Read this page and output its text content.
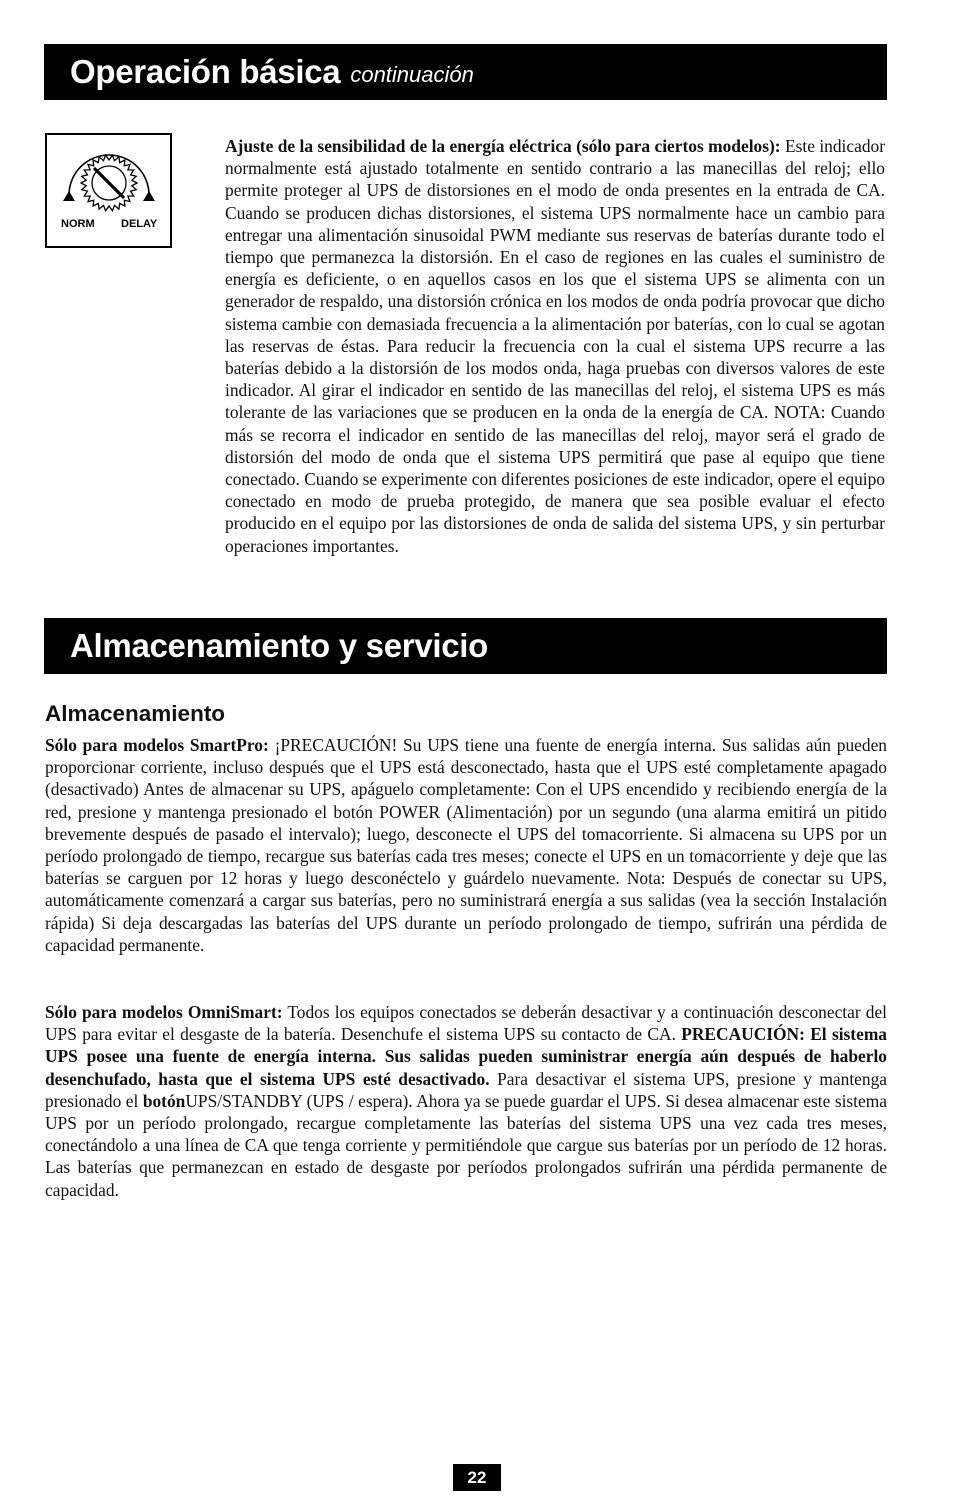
Operación básica continuación
NORM DELAY

Ajuste de la sensibilidad de la energía eléctrica (sólo para ciertos modelos): Este indicador normalmente está ajustado totalmente en sentido contrario a las manecillas del reloj; ello permite proteger al UPS de distorsiones en el modo de onda presentes en la entrada de CA. Cuando se producen dichas distorsiones, el sistema UPS normalmente hace un cambio para entregar una alimentación sinusoidal PWM mediante sus reservas de baterías durante todo el tiempo que permanezca la distorsión. En el caso de regiones en las cuales el suministro de energía es deficiente, o en aquellos casos en los que el sistema UPS se alimenta con un generador de respaldo, una distorsión crónica en los modos de onda podría provocar que dicho sistema cambie con demasiada frecuencia a la alimentación por baterías, con lo cual se agotan las reservas de éstas. Para reducir la frecuencia con la cual el sistema UPS recurre a las baterías debido a la distorsión de los modos onda, haga pruebas con diversos valores de este indicador. Al girar el indicador en sentido de las manecillas del reloj, el sistema UPS es más tolerante de las variaciones que se producen en la onda de la energía de CA. NOTA: Cuando más se recorra el indicador en sentido de las manecillas del reloj, mayor será el grado de distorsión del modo de onda que el sistema UPS permitirá que pase al equipo que tiene conectado. Cuando se experimente con diferentes posiciones de este indicador, opere el equipo conectado en modo de prueba protegido, de manera que sea posible evaluar el efecto producido en el equipo por las distorsiones de onda de salida del sistema UPS, y sin perturbar operaciones importantes.

Almacenamiento y servicio
Almacenamiento

Sólo para modelos SmartPro: ¡PRECAUCIÓN! Su UPS tiene una fuente de energía interna. Sus salidas aún pueden proporcionar corriente, incluso después que el UPS está desconectado, hasta que el UPS esté completamente apagado (desactivado) Antes de almacenar su UPS, apáguelo completamente: Con el UPS encendido y recibiendo energía de la red, presione y mantenga presionado el botón POWER (Alimentación) por un segundo (una alarma emitirá un pitido brevemente después de pasado el intervalo); luego, desconecte el UPS del tomacorriente. Si almacena su UPS por un período prolongado de tiempo, recargue sus baterías cada tres meses; conecte el UPS en un tomacorriente y deje que las baterías se carguen por 12 horas y luego desconéctelo y guárdelo nuevamente. Nota: Después de conectar su UPS, automáticamente comenzará a cargar sus baterías, pero no suministrará energía a sus salidas (vea la sección Instalación rápida) Si deja descargadas las baterías del UPS durante un período prolongado de tiempo, sufrirán una pérdida de capacidad permanente.

Sólo para modelos OmniSmart: Todos los equipos conectados se deberán desactivar y a continuación desconectar del UPS para evitar el desgaste de la batería. Desenchufe el sistema UPS su contacto de CA. PRECAUCIÓN: El sistema UPS posee una fuente de energía interna. Sus salidas pueden suministrar energía aún después de haberlo desenchufado, hasta que el sistema UPS esté desactivado. Para desactivar el sistema UPS, presione y mantenga presionado el botónUPS/STANDBY (UPS / espera). Ahora ya se puede guardar el UPS. Si desea almacenar este sistema UPS por un período prolongado, recargue completamente las baterías del sistema UPS una vez cada tres meses, conectándolo a una línea de CA que tenga corriente y permitiéndole que cargue sus baterías por un período de 12 horas. Las baterías que permanezcan en estado de desgaste por períodos prolongados sufrirán una pérdida permanente de capacidad.

22
